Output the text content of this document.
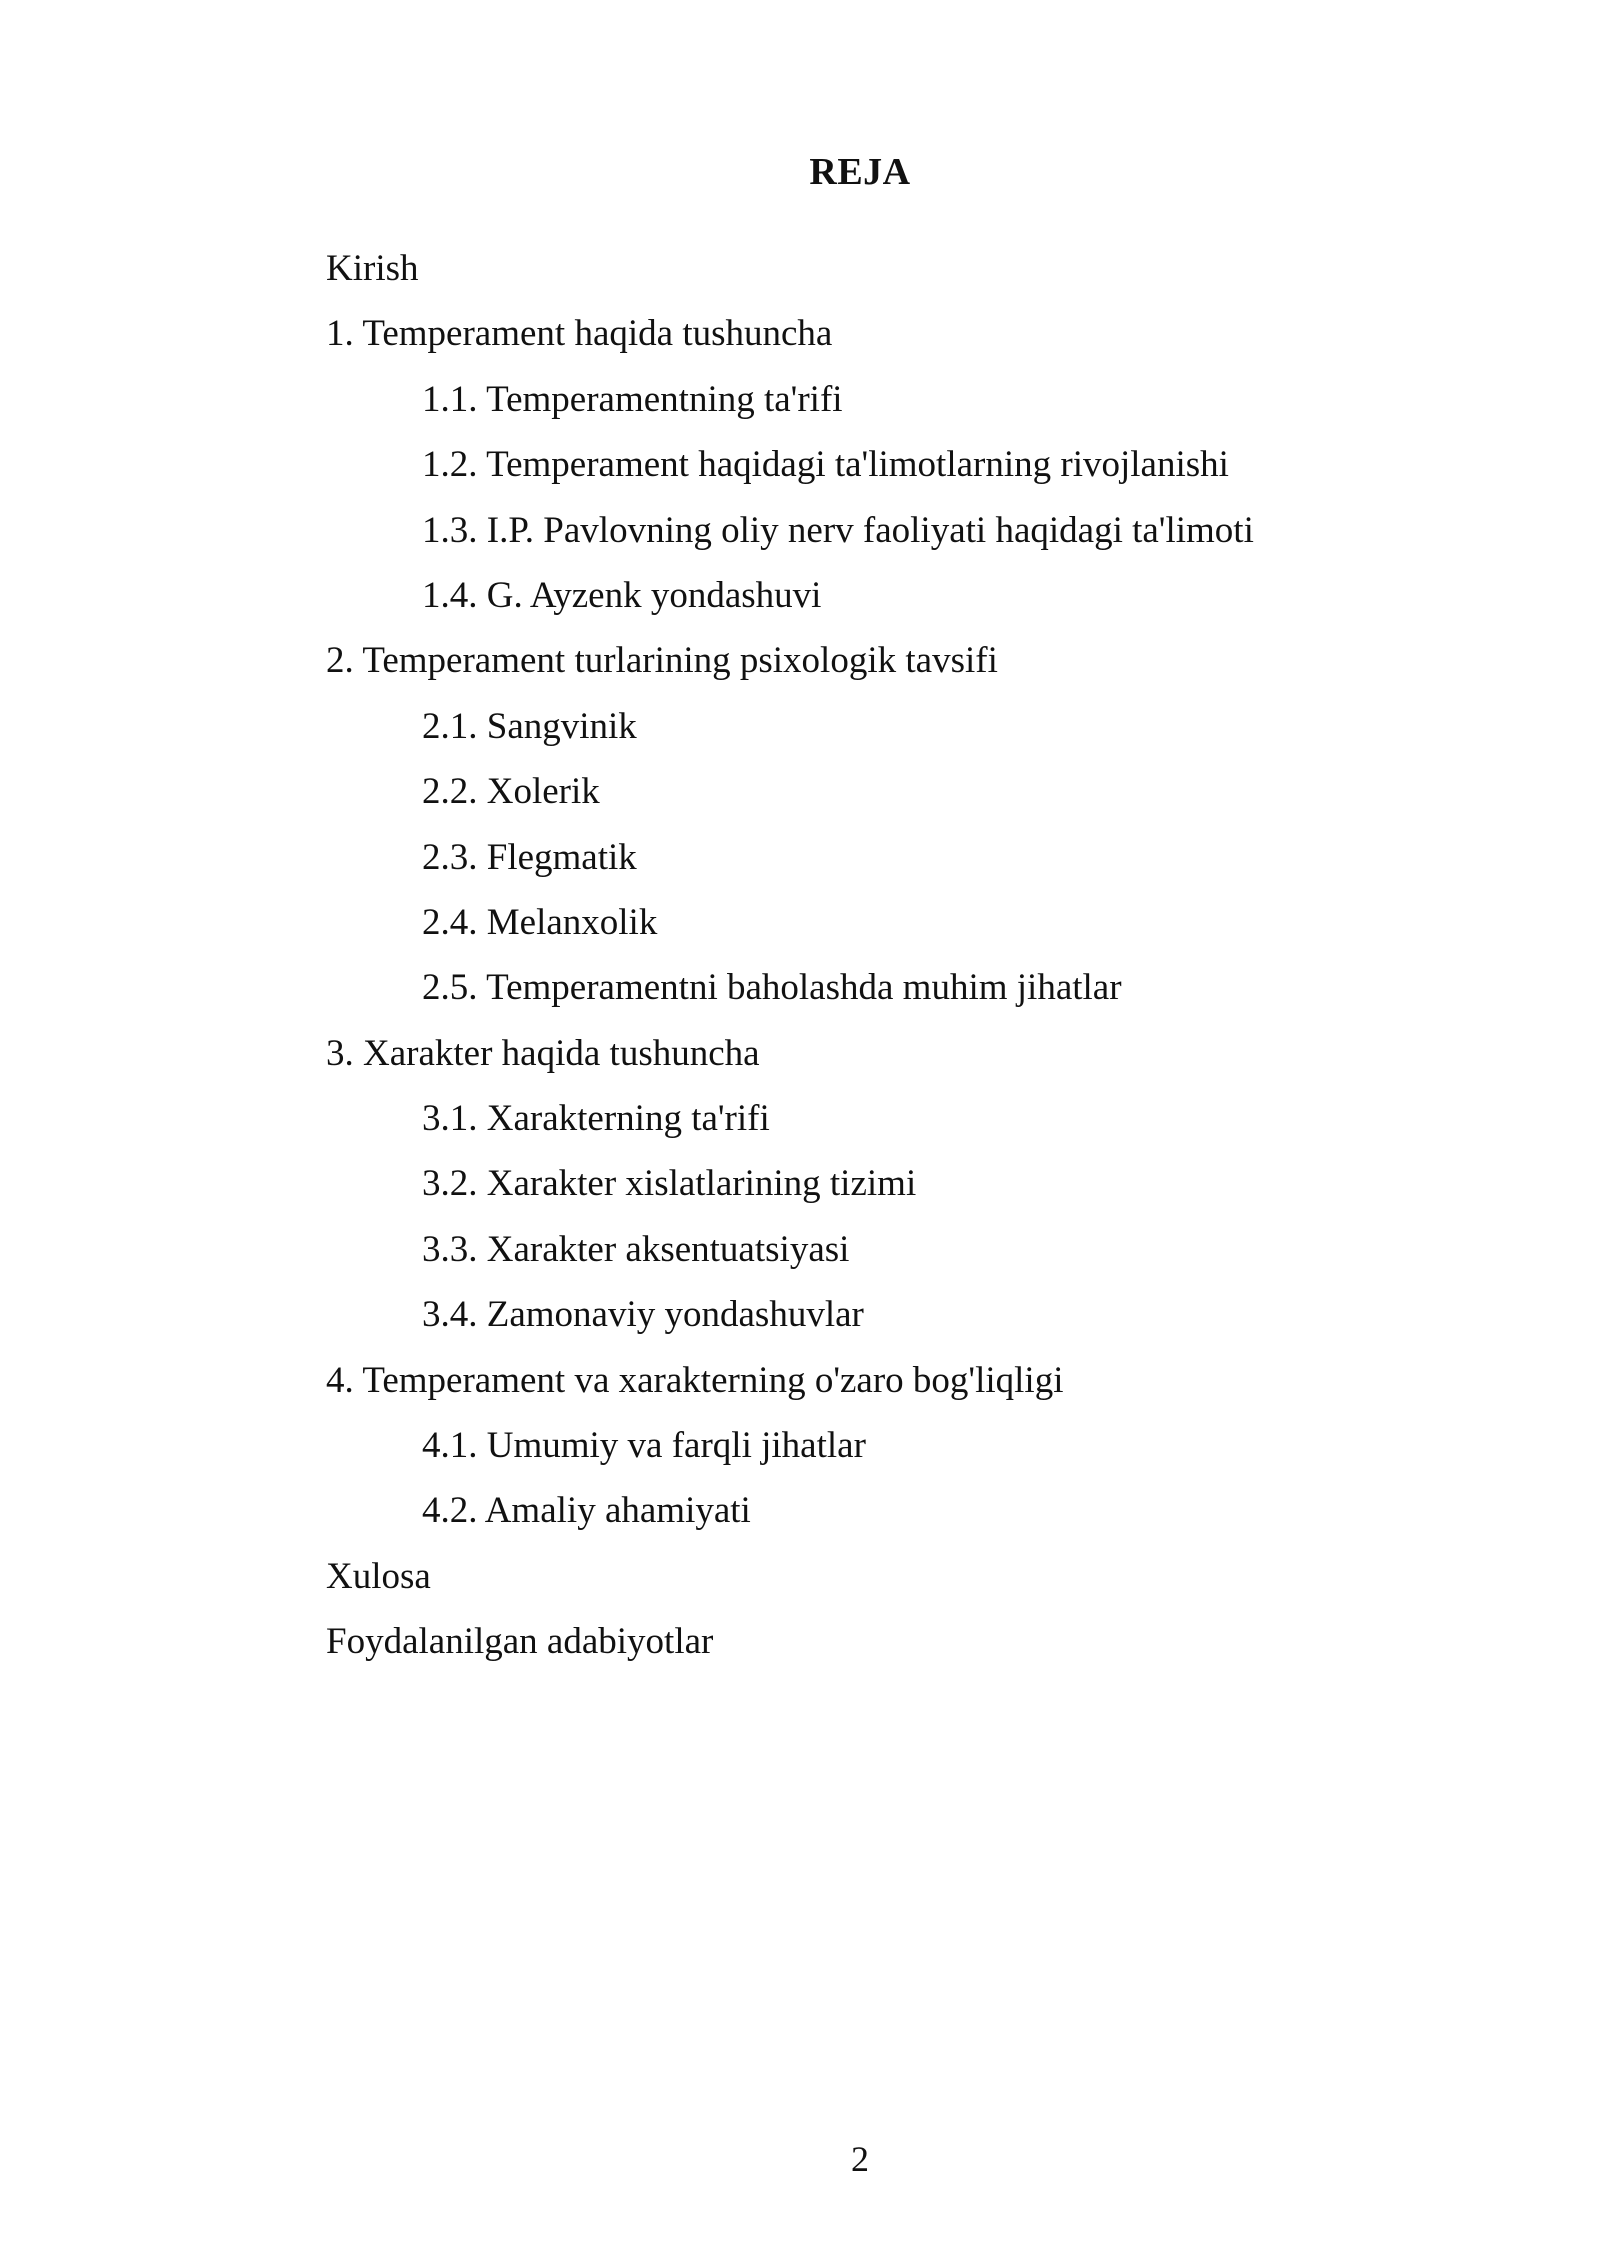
REJA
Kirish
1. Temperament haqida tushuncha
1.1. Temperamentning ta'rifi
1.2. Temperament haqidagi ta'limotlarning rivojlanishi
1.3. I.P. Pavlovning oliy nerv faoliyati haqidagi ta'limoti
1.4. G. Ayzenk yondashuvi
2. Temperament turlarining psixologik tavsifi
2.1. Sangvinik
2.2. Xolerik
2.3. Flegmatik
2.4. Melanxolik
2.5. Temperamentni baholashda muhim jihatlar
3. Xarakter haqida tushuncha
3.1. Xarakterning ta'rifi
3.2. Xarakter xislatlarining tizimi
3.3. Xarakter aksentuatsiyasi
3.4. Zamonaviy yondashuvlar
4. Temperament va xarakterning o'zaro bog'liqligi
4.1. Umumiy va farqli jihatlar
4.2. Amaliy ahamiyati
Xulosa
Foydalanilgan adabiyotlar
2
